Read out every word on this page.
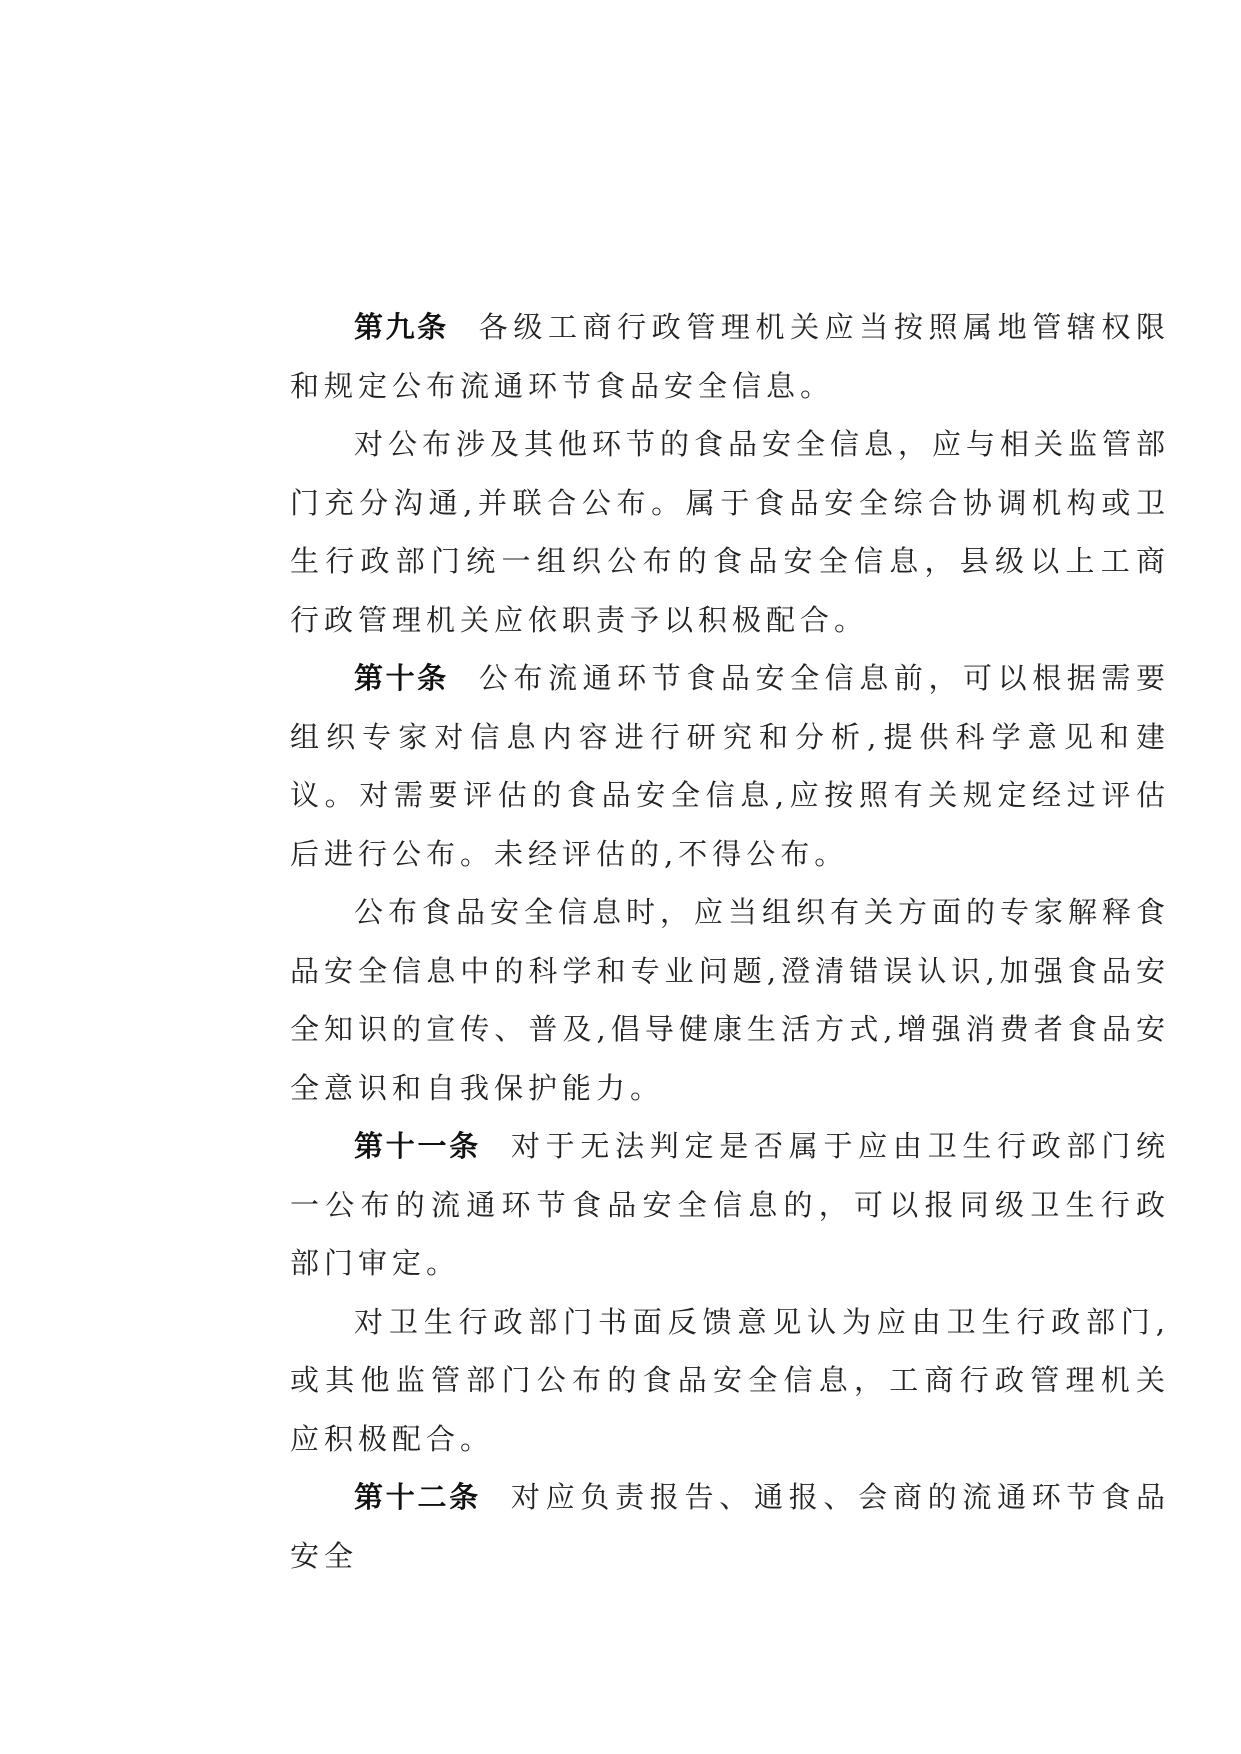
第九条 各级工商行政管理机关应当按照属地管辖权限和规定公布流通环节食品安全信息。

对公布涉及其他环节的食品安全信息，应与相关监管部门充分沟通,并联合公布。属于食品安全综合协调机构或卫生行政部门统一组织公布的食品安全信息，县级以上工商行政管理机关应依职责予以积极配合。

第十条 公布流通环节食品安全信息前，可以根据需要组织专家对信息内容进行研究和分析,提供科学意见和建议。对需要评估的食品安全信息,应按照有关规定经过评估后进行公布。未经评估的,不得公布。

公布食品安全信息时，应当组织有关方面的专家解释食品安全信息中的科学和专业问题,澄清错误认识,加强食品安全知识的宣传、普及,倡导健康生活方式,增强消费者食品安全意识和自我保护能力。

第十一条 对于无法判定是否属于应由卫生行政部门统一公布的流通环节食品安全信息的，可以报同级卫生行政部门审定。

对卫生行政部门书面反馈意见认为应由卫生行政部门,或其他监管部门公布的食品安全信息，工商行政管理机关应积极配合。

第十二条 对应负责报告、通报、会商的流通环节食品安全
